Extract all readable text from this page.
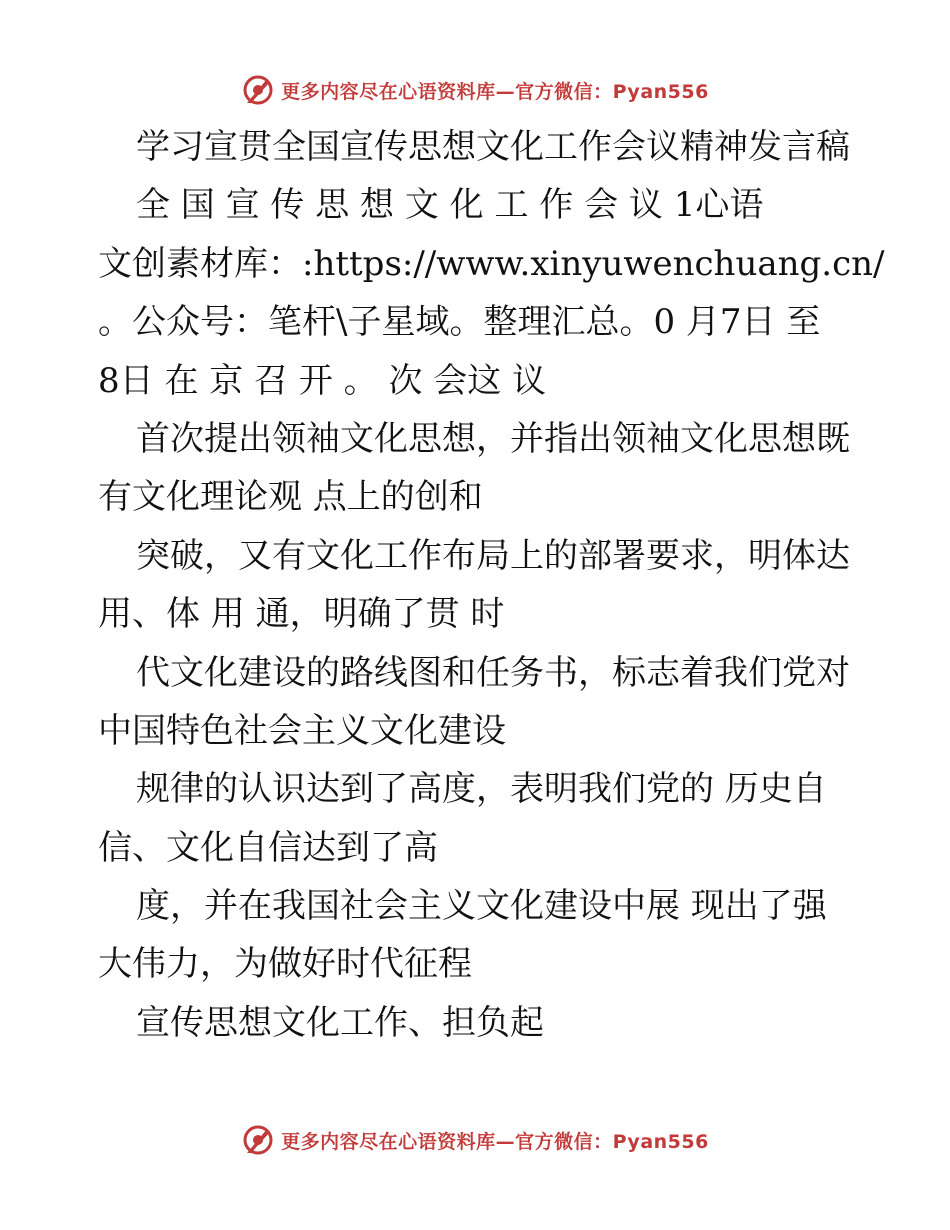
更多内容尽在心语资料库—官方微信：Pyan556
学习宣贯全国宣传思想文化工作会议精神发言稿
全 国 宣 传 思 想 文 化 工 作 会 议 1心语
文创素材库：:https://www.xinyuwenchuang.cn/
。公众号：笔杆\子星域。整理汇总。0 月7日 至
8日 在 京 召 开 。 次 会这 议
首次提出领袖文化思想，并指出领袖文化思想既
有文化理论观 点上的创和
突破，又有文化工作布局上的部署要求，明体达
用、体 用 通，明确了贯 时
代文化建设的路线图和任务书，标志着我们党对
中国特色社会主义文化建设
规律的认识达到了高度，表明我们党的 历史自
信、文化自信达到了高
度，并在我国社会主义文化建设中展 现出了强
大伟力，为做好时代征程
宣传思想文化工作、担负起
更多内容尽在心语资料库—官方微信：Pyan556
